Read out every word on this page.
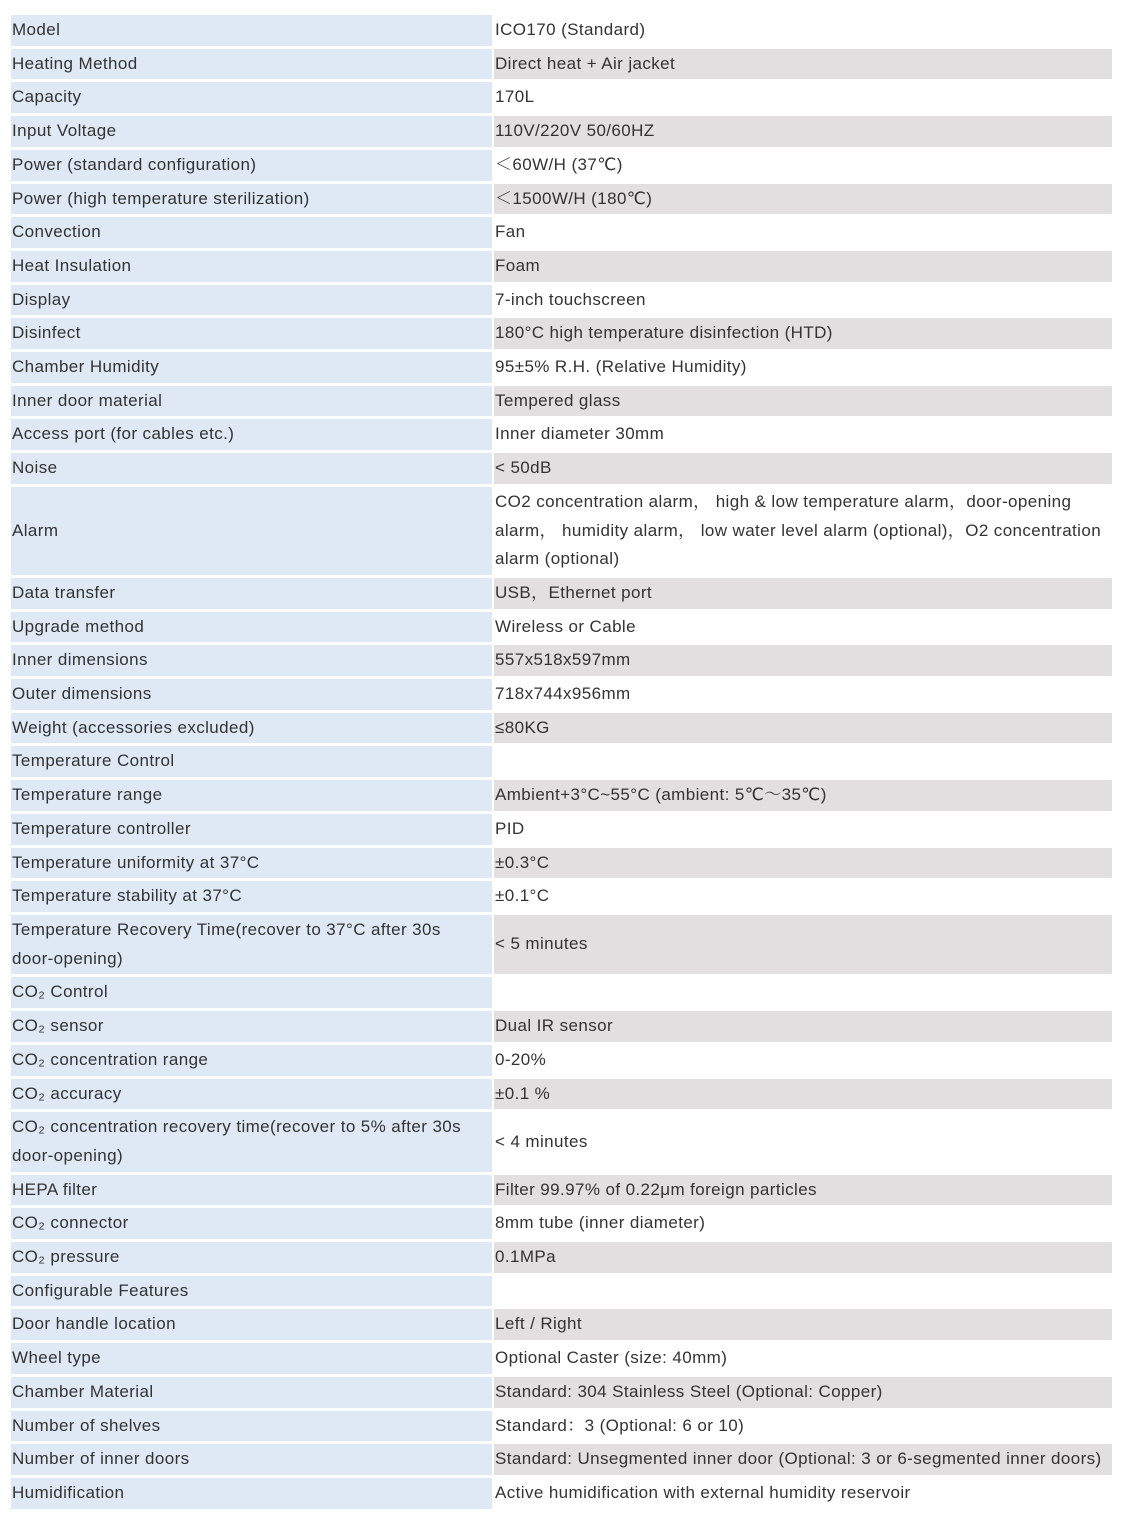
Model	ICO170 (Standard)
Heating Method	Direct heat + Air jacket
Capacity	170L
Input Voltage	110V/220V 50/60HZ
Power (standard configuration)	＜60W/H (37℃)
Power (high temperature sterilization)	＜1500W/H (180℃)
Convection	Fan
Heat Insulation	Foam
Display	7-inch touchscreen
Disinfect	180°C high temperature disinfection (HTD)
Chamber Humidity	95±5% R.H. (Relative Humidity)
Inner door material	Tempered glass
Access port (for cables etc.)	Inner diameter 30mm
Noise	< 50dB
Alarm	CO2 concentration alarm， high & low temperature alarm，door-opening alarm， humidity alarm， low water level alarm (optional)，O2 concentration alarm (optional)
Data transfer	USB，Ethernet port
Upgrade method	Wireless or Cable
Inner dimensions	557x518x597mm
Outer dimensions	718x744x956mm
Weight (accessories excluded)	≤80KG
Temperature Control	
Temperature range	Ambient+3°C~55°C (ambient: 5℃～35℃)
Temperature controller	PID
Temperature uniformity at 37°C	±0.3°C
Temperature stability at 37°C	±0.1°C
Temperature Recovery Time(recover to 37°C after 30s door-opening)	< 5 minutes
CO₂ Control	
CO₂ sensor	Dual IR sensor
CO₂ concentration range	0-20%
CO₂ accuracy	±0.1 %
CO₂ concentration recovery time(recover to 5% after 30s door-opening)	< 4 minutes
HEPA filter	Filter 99.97% of 0.22μm foreign particles
CO₂ connector	8mm tube (inner diameter)
CO₂ pressure	0.1MPa
Configurable Features	
Door handle location	Left / Right
Wheel type	Optional Caster (size: 40mm)
Chamber Material	Standard: 304 Stainless Steel (Optional: Copper)
Number of shelves	Standard：3 (Optional: 6 or 10)
Number of inner doors	Standard: Unsegmented inner door (Optional: 3 or 6-segmented inner doors)
Humidification	Active humidification with external humidity reservoir
